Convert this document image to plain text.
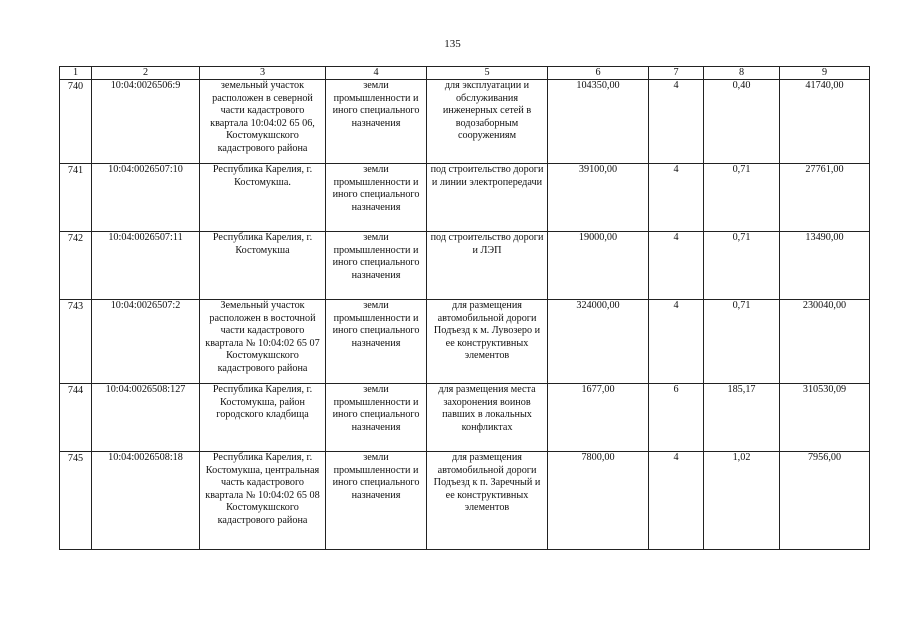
135
1	2	3	4	5	6	7	8	9
740	10:04:0026506:9	земельный участок расположен в северной части кадастрового квартала 10:04:02 65 06, Костомукшского кадастрового района	земли промышленности и иного специального назначения	для эксплуатации и обслуживания инженерных сетей в водозаборным сооружениям	104350,00	4	0,40	41740,00
741	10:04:0026507:10	Республика Карелия, г. Костомукша.	земли промышленности и иного специального назначения	под строительство дороги и линии электропередачи	39100,00	4	0,71	27761,00
742	10:04:0026507:11	Республика Карелия, г. Костомукша	земли промышленности и иного специального назначения	под строительство дороги и ЛЭП	19000,00	4	0,71	13490,00
743	10:04:0026507:2	Земельный участок расположен в восточной части кадастрового квартала № 10:04:02 65 07 Костомукшского кадастрового района	земли промышленности и иного специального назначения	для размещения автомобильной дороги Подъезд к м. Лувозеро и ее конструктивных элементов	324000,00	4	0,71	230040,00
744	10:04:0026508:127	Республика Карелия, г. Костомукша, район городского кладбища	земли промышленности и иного специального назначения	для размещения места захоронения воинов павших в локальных конфликтах	1677,00	6	185,17	310530,09
745	10:04:0026508:18	Республика Карелия, г. Костомукша, центральная часть кадастрового квартала № 10:04:02 65 08 Костомукшского кадастрового района	земли промышленности и иного специального назначения	для размещения автомобильной дороги Подъезд к п. Заречный и ее конструктивных элементов	7800,00	4	1,02	7956,00
